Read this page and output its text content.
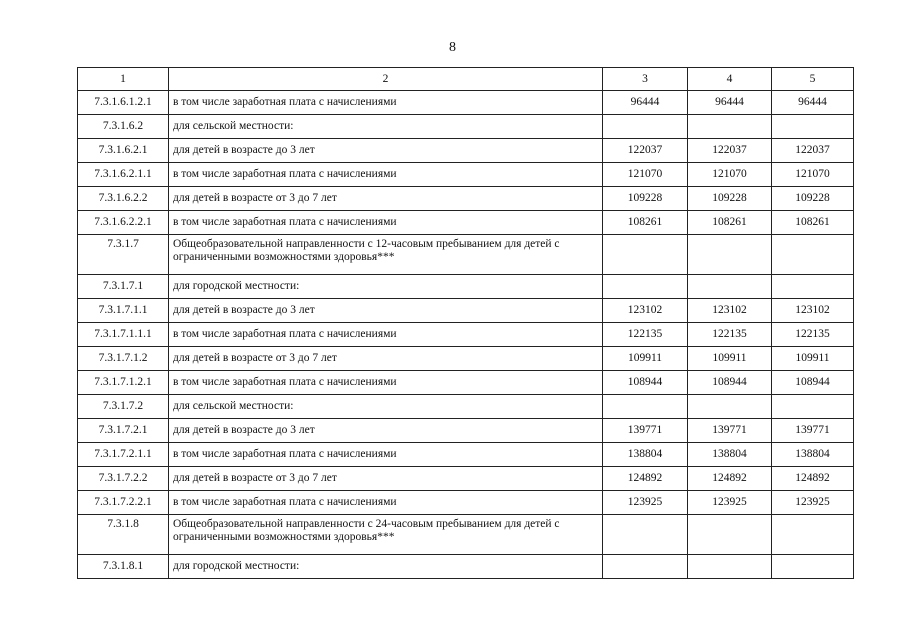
8
1	2	3	4	5
7.3.1.6.1.2.1	в том числе заработная плата с начислениями	96444	96444	96444
7.3.1.6.2	для сельской местности:			
7.3.1.6.2.1	для детей в возрасте до 3 лет	122037	122037	122037
7.3.1.6.2.1.1	в том числе заработная плата с начислениями	121070	121070	121070
7.3.1.6.2.2	для детей в возрасте от 3 до 7 лет	109228	109228	109228
7.3.1.6.2.2.1	в том числе заработная плата с начислениями	108261	108261	108261
7.3.1.7	Общеобразовательной направленности с 12-часовым пребыванием для детей с ограниченными возможностями здоровья***			
7.3.1.7.1	для городской местности:			
7.3.1.7.1.1	для детей в возрасте до 3 лет	123102	123102	123102
7.3.1.7.1.1.1	в том числе заработная плата с начислениями	122135	122135	122135
7.3.1.7.1.2	для детей в возрасте от 3 до 7 лет	109911	109911	109911
7.3.1.7.1.2.1	в том числе заработная плата с начислениями	108944	108944	108944
7.3.1.7.2	для сельской местности:			
7.3.1.7.2.1	для детей в возрасте до 3 лет	139771	139771	139771
7.3.1.7.2.1.1	в том числе заработная плата с начислениями	138804	138804	138804
7.3.1.7.2.2	для детей в возрасте от 3 до 7 лет	124892	124892	124892
7.3.1.7.2.2.1	в том числе заработная плата с начислениями	123925	123925	123925
7.3.1.8	Общеобразовательной направленности с 24-часовым пребыванием для детей с ограниченными возможностями здоровья***			
7.3.1.8.1	для городской местности:			
